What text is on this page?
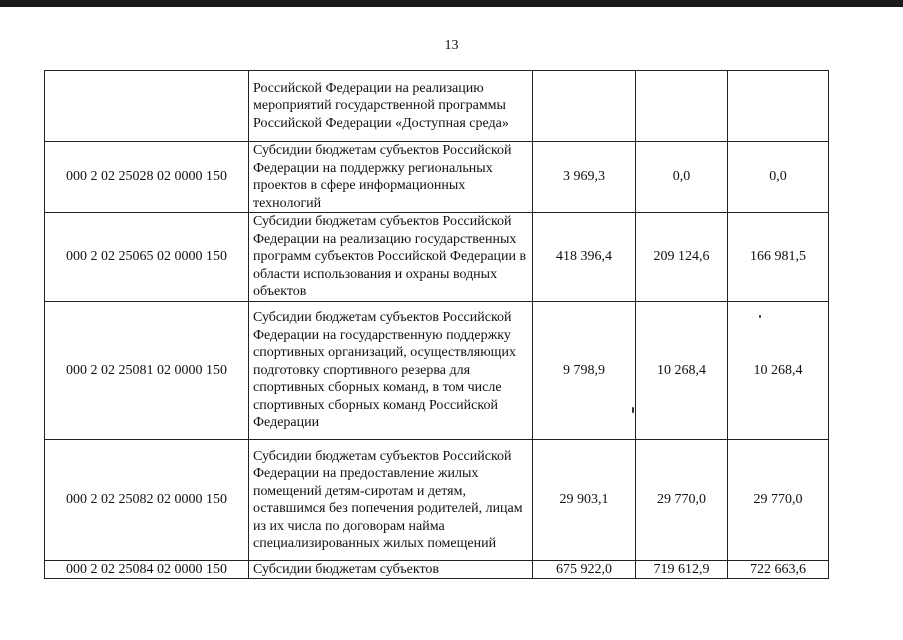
13
	Российской Федерации на реализацию мероприятий государственной программы Российской Федерации «Доступная среда»			
000 2 02 25028 02 0000 150	Субсидии бюджетам субъектов Российской Федерации на поддержку региональных проектов в сфере информационных технологий	3 969,3	0,0	0,0
000 2 02 25065 02 0000 150	Субсидии бюджетам субъектов Российской Федерации на реализацию государственных программ субъектов Российской Федерации в области использования и охраны водных объектов	418 396,4	209 124,6	166 981,5
000 2 02 25081 02 0000 150	Субсидии бюджетам субъектов Российской Федерации на государственную поддержку спортивных организаций, осуществляющих подготовку спортивного резерва для спортивных сборных команд, в том числе спортивных сборных команд Российской Федерации	9 798,9	10 268,4	10 268,4
000 2 02 25082 02 0000 150	Субсидии бюджетам субъектов Российской Федерации на предоставление жилых помещений детям-сиротам и детям, оставшимся без попечения родителей, лицам из их числа по договорам найма специализированных жилых помещений	29 903,1	29 770,0	29 770,0
000 2 02 25084 02 0000 150	Субсидии бюджетам субъектов	675 922,0	719 612,9	722 663,6
